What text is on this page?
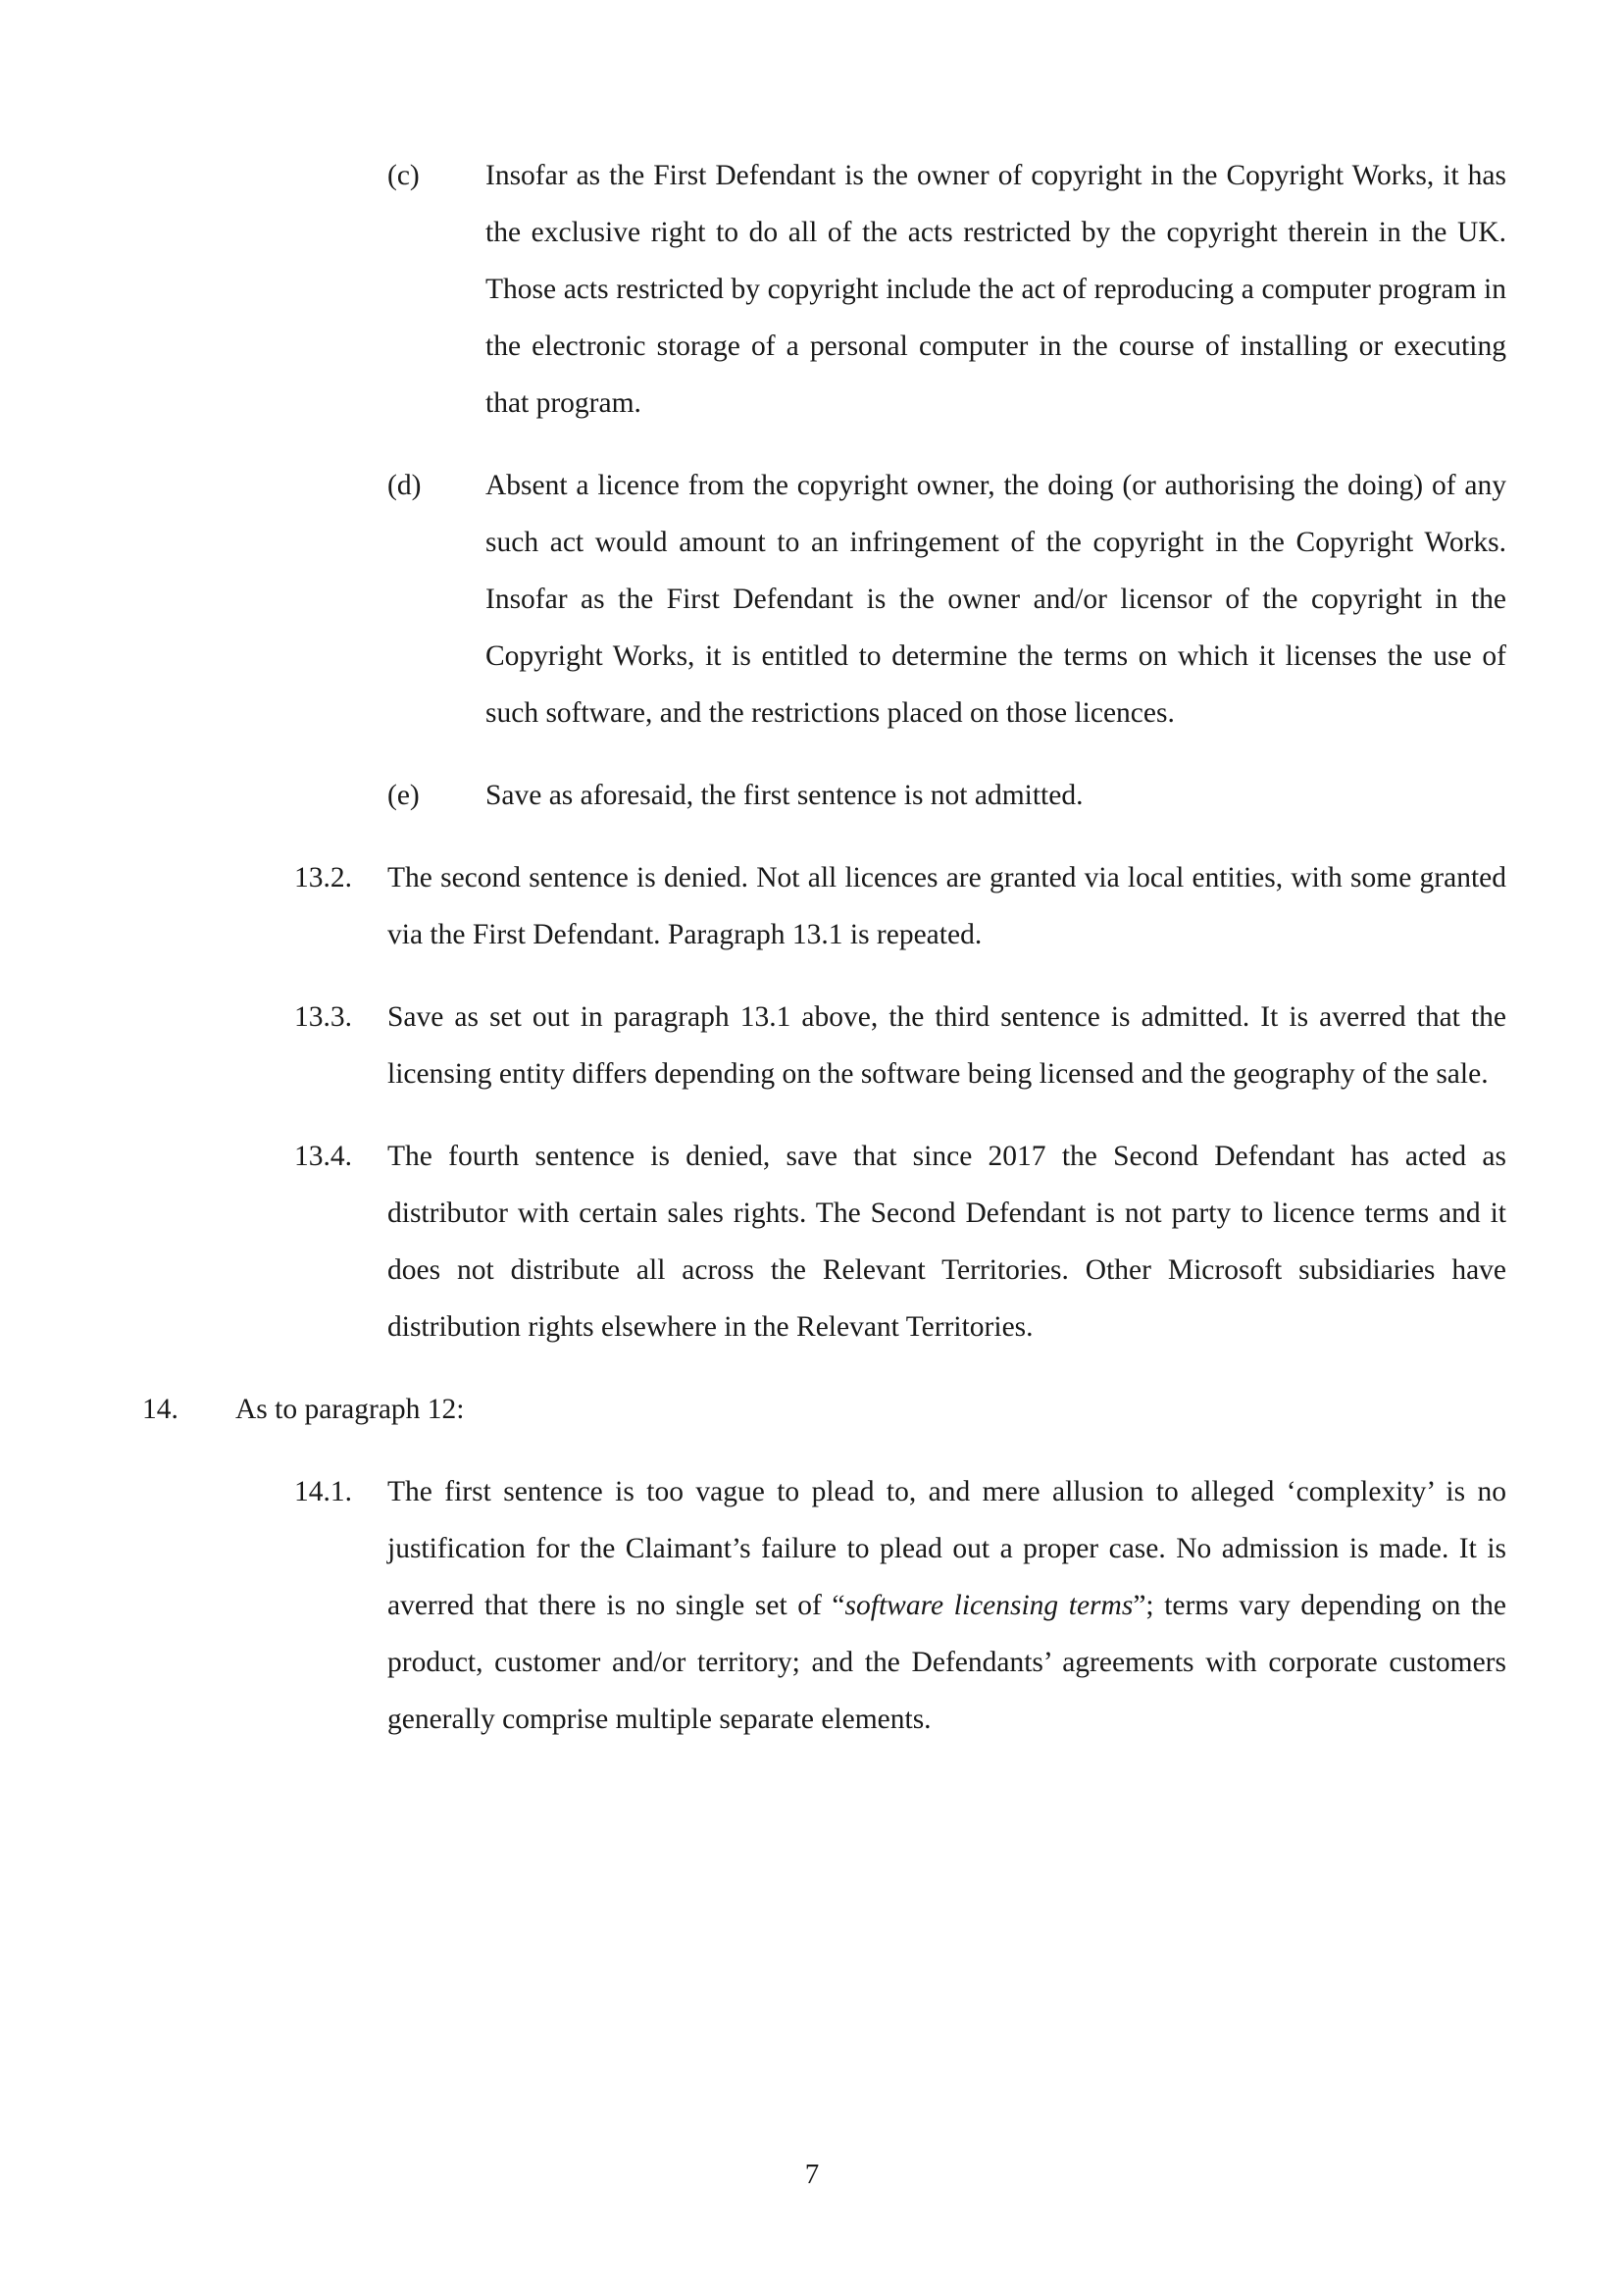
(c)	Insofar as the First Defendant is the owner of copyright in the Copyright Works, it has the exclusive right to do all of the acts restricted by the copyright therein in the UK. Those acts restricted by copyright include the act of reproducing a computer program in the electronic storage of a personal computer in the course of installing or executing that program.
(d)	Absent a licence from the copyright owner, the doing (or authorising the doing) of any such act would amount to an infringement of the copyright in the Copyright Works. Insofar as the First Defendant is the owner and/or licensor of the copyright in the Copyright Works, it is entitled to determine the terms on which it licenses the use of such software, and the restrictions placed on those licences.
(e)	Save as aforesaid, the first sentence is not admitted.
13.2.	The second sentence is denied. Not all licences are granted via local entities, with some granted via the First Defendant. Paragraph 13.1 is repeated.
13.3.	Save as set out in paragraph 13.1 above, the third sentence is admitted. It is averred that the licensing entity differs depending on the software being licensed and the geography of the sale.
13.4.	The fourth sentence is denied, save that since 2017 the Second Defendant has acted as distributor with certain sales rights. The Second Defendant is not party to licence terms and it does not distribute all across the Relevant Territories. Other Microsoft subsidiaries have distribution rights elsewhere in the Relevant Territories.
14.	As to paragraph 12:
14.1.	The first sentence is too vague to plead to, and mere allusion to alleged ‘complexity’ is no justification for the Claimant’s failure to plead out a proper case. No admission is made. It is averred that there is no single set of “software licensing terms”; terms vary depending on the product, customer and/or territory; and the Defendants’ agreements with corporate customers generally comprise multiple separate elements.
7
